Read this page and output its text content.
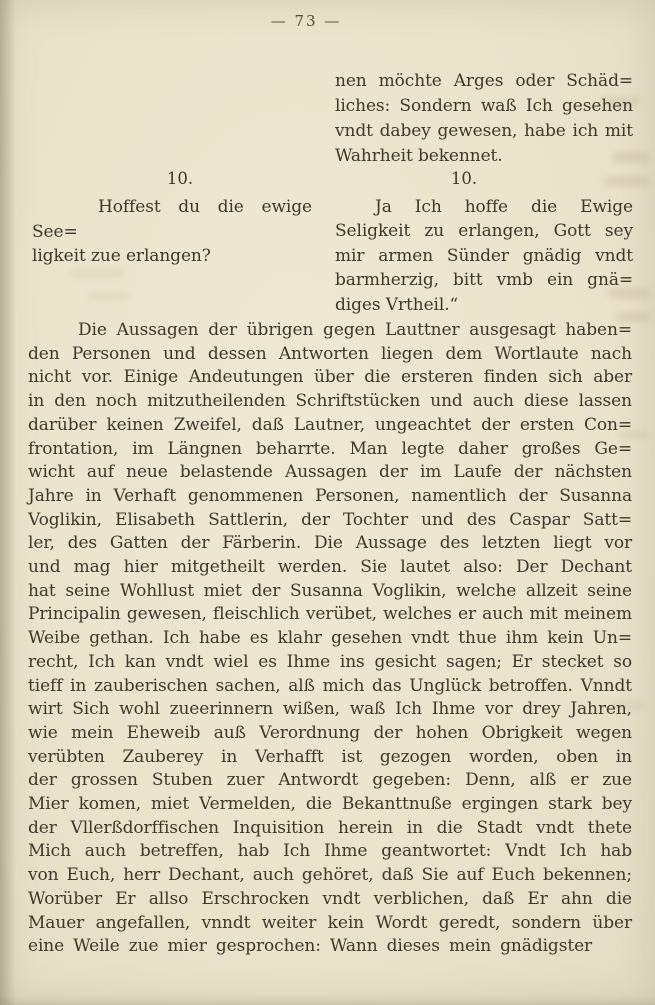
— 73 —
nen möchte Arges oder Schäd=
liches: Sondern waß Ich gesehen
vndt dabey gewesen, habe ich mit
Wahrheit bekennet.
10.	10.
Hoffest du die ewige See=
ligkeit zue erlangen?
Ja Ich hoffe die Ewige
Seligkeit zu erlangen, Gott sey
mir armen Sünder gnädig vndt
barmherzig, bitt vmb ein gnä=
diges Vrtheil.“
Die Aussagen der übrigen gegen Lauttner ausgesagt haben=
den Personen und dessen Antworten liegen dem Wortlaute nach
nicht vor. Einige Andeutungen über die ersteren finden sich aber
in den noch mitzutheilenden Schriftstücken und auch diese lassen
darüber keinen Zweifel, daß Lautner, ungeachtet der ersten Con=
frontation, im Längnen beharrte. Man legte daher großes Ge=
wicht auf neue belastende Aussagen der im Laufe der nächsten
Jahre in Verhaft genommenen Personen, namentlich der Susanna
Voglikin, Elisabeth Sattlerin, der Tochter und des Caspar Satt=
ler, des Gatten der Färberin. Die Aussage des letzten liegt vor
und mag hier mitgetheilt werden. Sie lautet also: Der Dechant
hat seine Wohllust miet der Susanna Voglikin, welche allzeit seine
Principalin gewesen, fleischlich verübet, welches er auch mit meinem
Weibe gethan. Ich habe es klahr gesehen vndt thue ihm kein Un=
recht, Ich kan vndt wiel es Ihme ins gesicht sagen; Er stecket so
tieff in zauberischen sachen, alß mich das Unglück betroffen. Vnndt
wirt Sich wohl zueerinnern wißen, waß Ich Ihme vor drey Jahren,
wie mein Eheweib auß Verordnung der hohen Obrigkeit wegen
verübten Zauberey in Verhafft ist gezogen worden, oben in
der grossen Stuben zuer Antwordt gegeben: Denn, alß er zue
Mier komen, miet Vermelden, die Bekanttnuße ergingen stark bey
der Vllerßdorffischen Inquisition herein in die Stadt vndt thete
Mich auch betreffen, hab Ich Ihme geantwortet: Vndt Ich hab
von Euch, herr Dechant, auch gehöret, daß Sie auf Euch bekennen;
Worüber Er allso Erschrocken vndt verblichen, daß Er ahn die
Mauer angefallen, vnndt weiter kein Wordt geredt, sondern über
eine Weile zue mier gesprochen: Wann dieses mein gnädigster
